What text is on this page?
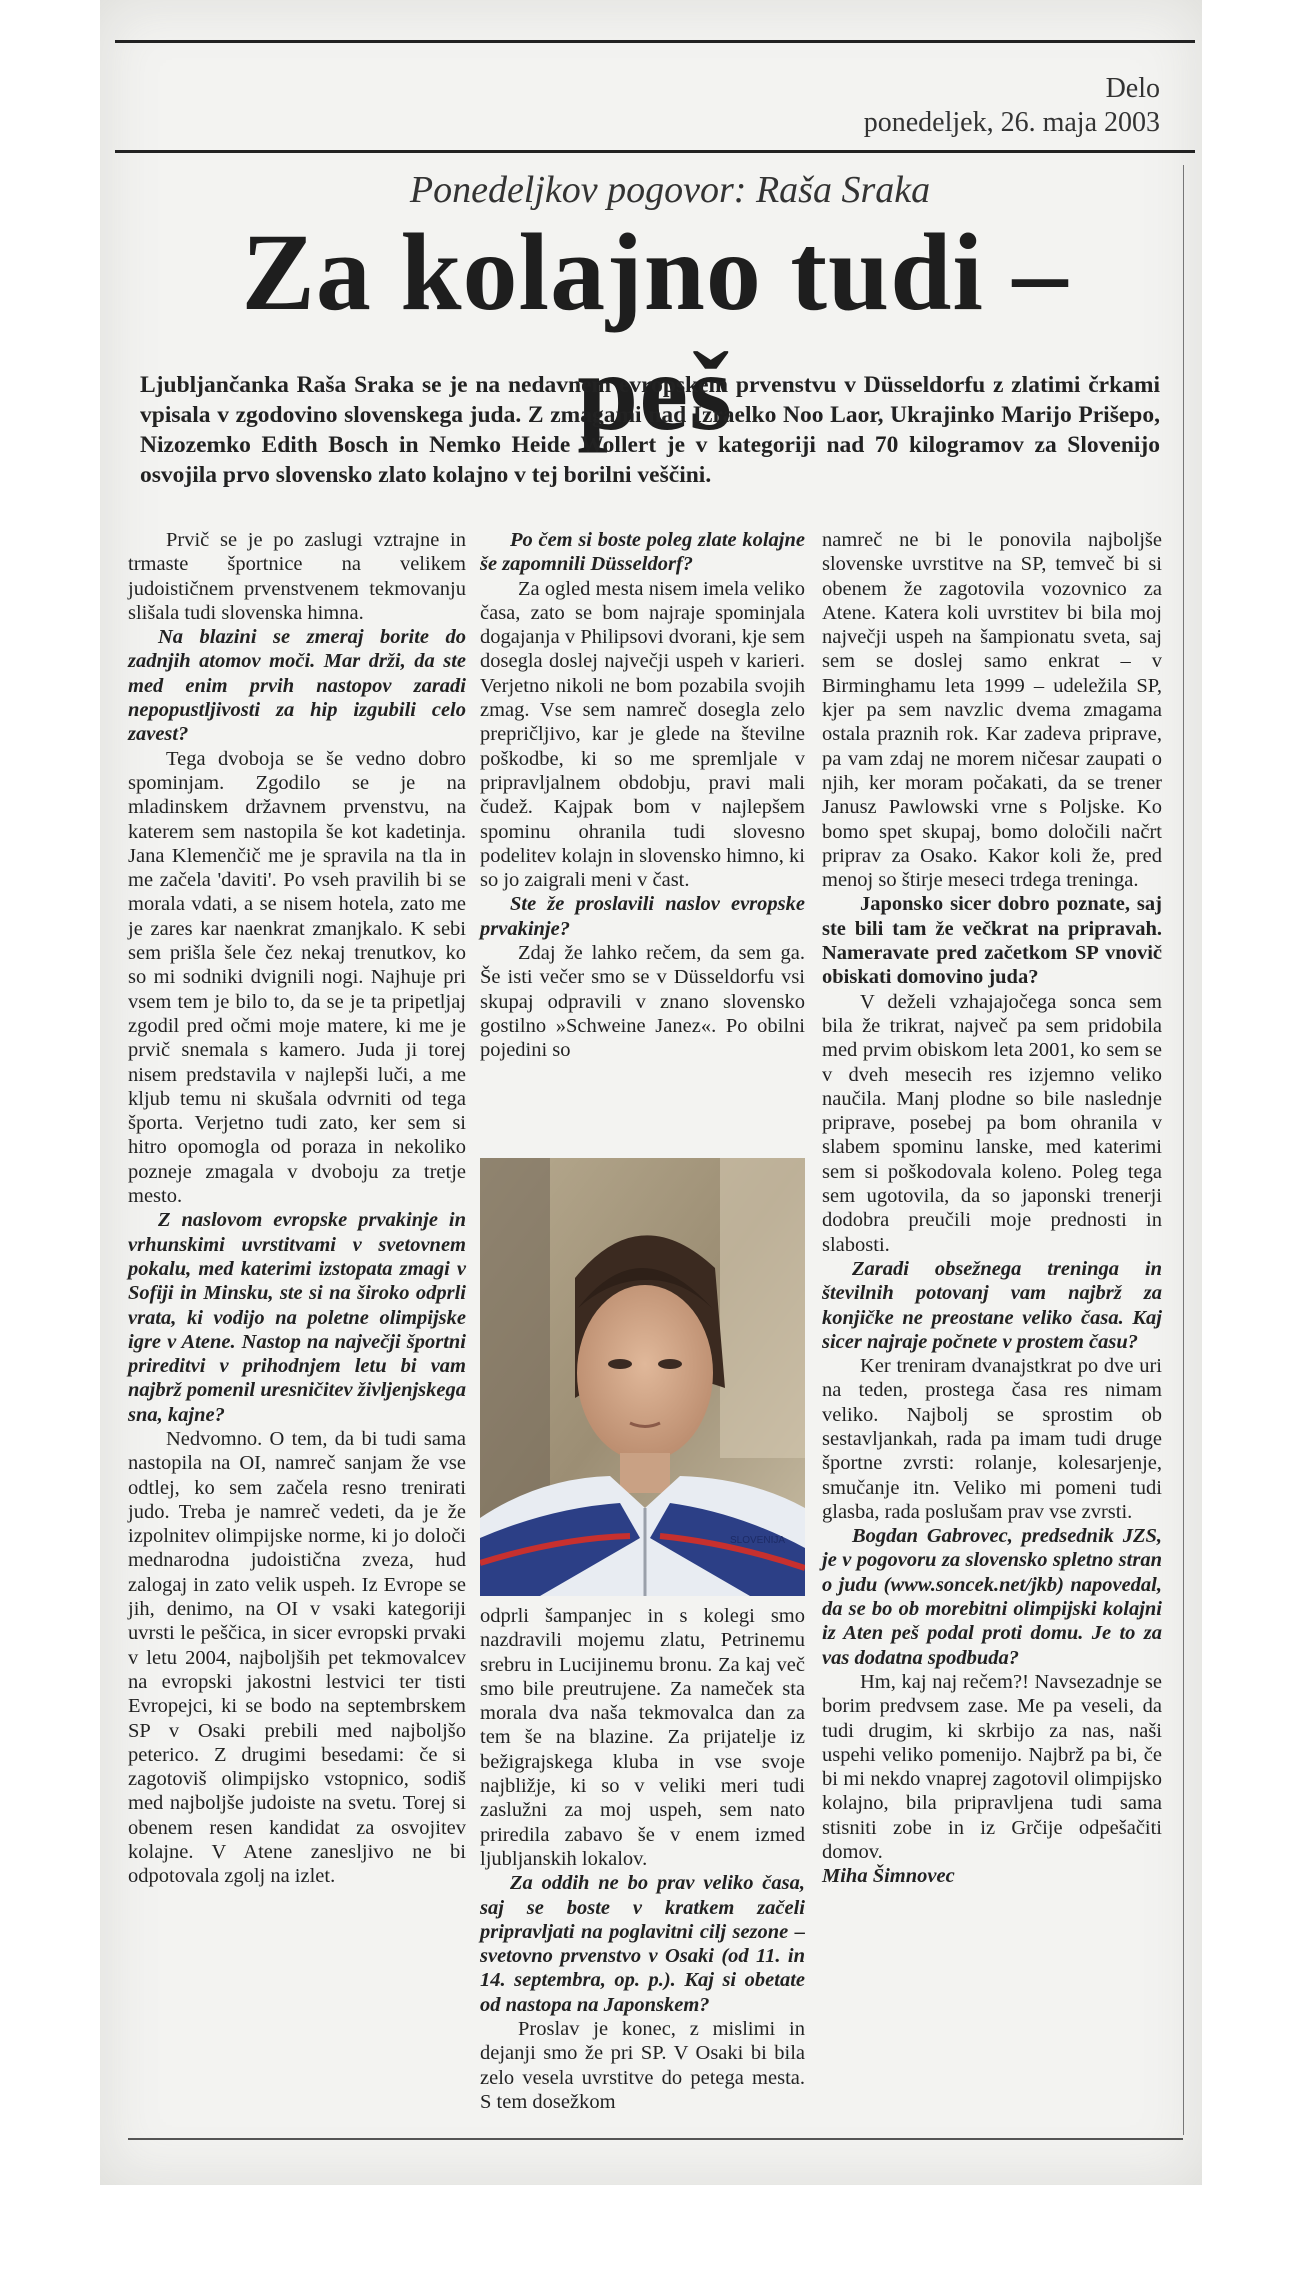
Delo
ponedeljek, 26. maja 2003
Ponedeljkov pogovor: Raša Sraka
Za kolajno tudi – peš
Ljubljančanka Raša Sraka se je na nedavnem evropskem prvenstvu v Düsseldorfu z zlatimi črkami vpisala v zgodovino slovenskega juda. Z zmagami nad Izraelko Noo Laor, Ukrajinko Marijo Prišepo, Nizozemko Edith Bosch in Nemko Heide Wollert je v kategoriji nad 70 kilogramov za Slovenijo osvojila prvo slovensko zlato kolajno v tej borilni veščini.

Prvič se je po zaslugi vztrajne in trmaste športnice na velikem judoističnem prvenstvenem tekmovanju slišala tudi slovenska himna.

Na blazini se zmeraj borite do zadnjih atomov moči. Mar drži, da ste med enim prvih nastopov zaradi nepopustljivosti za hip izgubili celo zavest?

Tega dvoboja se še vedno dobro spominjam. Zgodilo se je na mladinskem državnem prvenstvu, na katerem sem nastopila še kot kadetinja. Jana Klemenčič me je spravila na tla in me začela 'daviti'. Po vseh pravilih bi se morala vdati, a se nisem hotela, zato me je zares kar naenkrat zmanjkalo. K sebi sem prišla šele čez nekaj trenutkov, ko so mi sodniki dvignili nogi. Najhuje pri vsem tem je bilo to, da se je ta pripetljaj zgodil pred očmi moje matere, ki me je prvič snemala s kamero. Juda ji torej nisem predstavila v najlepši luči, a me kljub temu ni skušala odvrniti od tega športa. Verjetno tudi zato, ker sem si hitro opomogla od poraza in nekoliko pozneje zmagala v dvoboju za tretje mesto.

Z naslovom evropske prvakinje in vrhunskimi uvrstitvami v svetovnem pokalu, med katerimi izstopata zmagi v Sofiji in Minsku, ste si na široko odprli vrata, ki vodijo na poletne olimpijske igre v Atene. Nastop na največji športni prireditvi v prihodnjem letu bi vam najbrž pomenil uresničitev življenjskega sna, kajne?

Nedvomno. O tem, da bi tudi sama nastopila na OI, namreč sanjam že vse odtlej, ko sem začela resno trenirati judo. Treba je namreč vedeti, da je že izpolnitev olimpijske norme, ki jo določi mednarodna judoistična zveza, hud zalogaj in zato velik uspeh. Iz Evrope se jih, denimo, na OI v vsaki kategoriji uvrsti le peščica, in sicer evropski prvaki v letu 2004, najboljših pet tekmovalcev na evropski jakostni lestvici ter tisti Evropejci, ki se bodo na septembrskem SP v Osaki prebili med najboljšo peterico. Z drugimi besedami: če si zagotoviš olimpijsko vstopnico, sodiš med najboljše judoiste na svetu. Torej si obenem resen kandidat za osvojitev kolajne. V Atene zanesljivo ne bi odpotovala zgolj na izlet.

Po čem si boste poleg zlate kolajne še zapomnili Düsseldorf?

Za ogled mesta nisem imela veliko časa, zato se bom najraje spominjala dogajanja v Philipsovi dvorani, kje sem dosegla doslej največji uspeh v karieri. Verjetno nikoli ne bom pozabila svojih zmag. Vse sem namreč dosegla zelo prepričljivo, kar je glede na številne poškodbe, ki so me spremljale v pripravljalnem obdobju, pravi mali čudež. Kajpak bom v najlepšem spominu ohranila tudi slovesno podelitev kolajn in slovensko himno, ki so jo zaigrali meni v čast.

Ste že proslavili naslov evropske prvakinje?

Zdaj že lahko rečem, da sem ga. Še isti večer smo se v Düsseldorfu vsi skupaj odpravili v znano slovensko gostilno »Schweine Janez«. Po obilni pojedini so

SLOVENIJA

odprli šampanjec in s kolegi smo nazdravili mojemu zlatu, Petrinemu srebru in Lucijinemu bronu. Za kaj več smo bile preutrujene. Za nameček sta morala dva naša tekmovalca dan za tem še na blazine. Za prijatelje iz bežigrajskega kluba in vse svoje najbližje, ki so v veliki meri tudi zaslužni za moj uspeh, sem nato priredila zabavo še v enem izmed ljubljanskih lokalov.

Za oddih ne bo prav veliko časa, saj se boste v kratkem začeli pripravljati na poglavitni cilj sezone – svetovno prvenstvo v Osaki (od 11. in 14. septembra, op. p.). Kaj si obetate od nastopa na Japonskem?

Proslav je konec, z mislimi in dejanji smo že pri SP. V Osaki bi bila zelo vesela uvrstitve do petega mesta. S tem dosežkom

namreč ne bi le ponovila najboljše slovenske uvrstitve na SP, temveč bi si obenem že zagotovila vozovnico za Atene. Katera koli uvrstitev bi bila moj največji uspeh na šampionatu sveta, saj sem se doslej samo enkrat – v Birminghamu leta 1999 – udeležila SP, kjer pa sem navzlic dvema zmagama ostala praznih rok. Kar zadeva priprave, pa vam zdaj ne morem ničesar zaupati o njih, ker moram počakati, da se trener Janusz Pawlowski vrne s Poljske. Ko bomo spet skupaj, bomo določili načrt priprav za Osako. Kakor koli že, pred menoj so štirje meseci trdega treninga.

Japonsko sicer dobro poznate, saj ste bili tam že večkrat na pripravah. Nameravate pred začetkom SP vnovič obiskati domovino juda?

V deželi vzhajajočega sonca sem bila že trikrat, največ pa sem pridobila med prvim obiskom leta 2001, ko sem se v dveh mesecih res izjemno veliko naučila. Manj plodne so bile naslednje priprave, posebej pa bom ohranila v slabem spominu lanske, med katerimi sem si poškodovala koleno. Poleg tega sem ugotovila, da so japonski trenerji dodobra preučili moje prednosti in slabosti.

Zaradi obsežnega treninga in številnih potovanj vam najbrž za konjičke ne preostane veliko časa. Kaj sicer najraje počnete v prostem času?

Ker treniram dvanajstkrat po dve uri na teden, prostega časa res nimam veliko. Najbolj se sprostim ob sestavljankah, rada pa imam tudi druge športne zvrsti: rolanje, kolesarjenje, smučanje itn. Veliko mi pomeni tudi glasba, rada poslušam prav vse zvrsti.

Bogdan Gabrovec, predsednik JZS, je v pogovoru za slovensko spletno stran o judu (www.soncek.net/jkb) napovedal, da se bo ob morebitni olimpijski kolajni iz Aten peš podal proti domu. Je to za vas dodatna spodbuda?

Hm, kaj naj rečem?! Navsezadnje se borim predvsem zase. Me pa veseli, da tudi drugim, ki skrbijo za nas, naši uspehi veliko pomenijo. Najbrž pa bi, če bi mi nekdo vnaprej zagotovil olimpijsko kolajno, bila pripravljena tudi sama stisniti zobe in iz Grčije odpešačiti domov.

Miha Šimnovec
